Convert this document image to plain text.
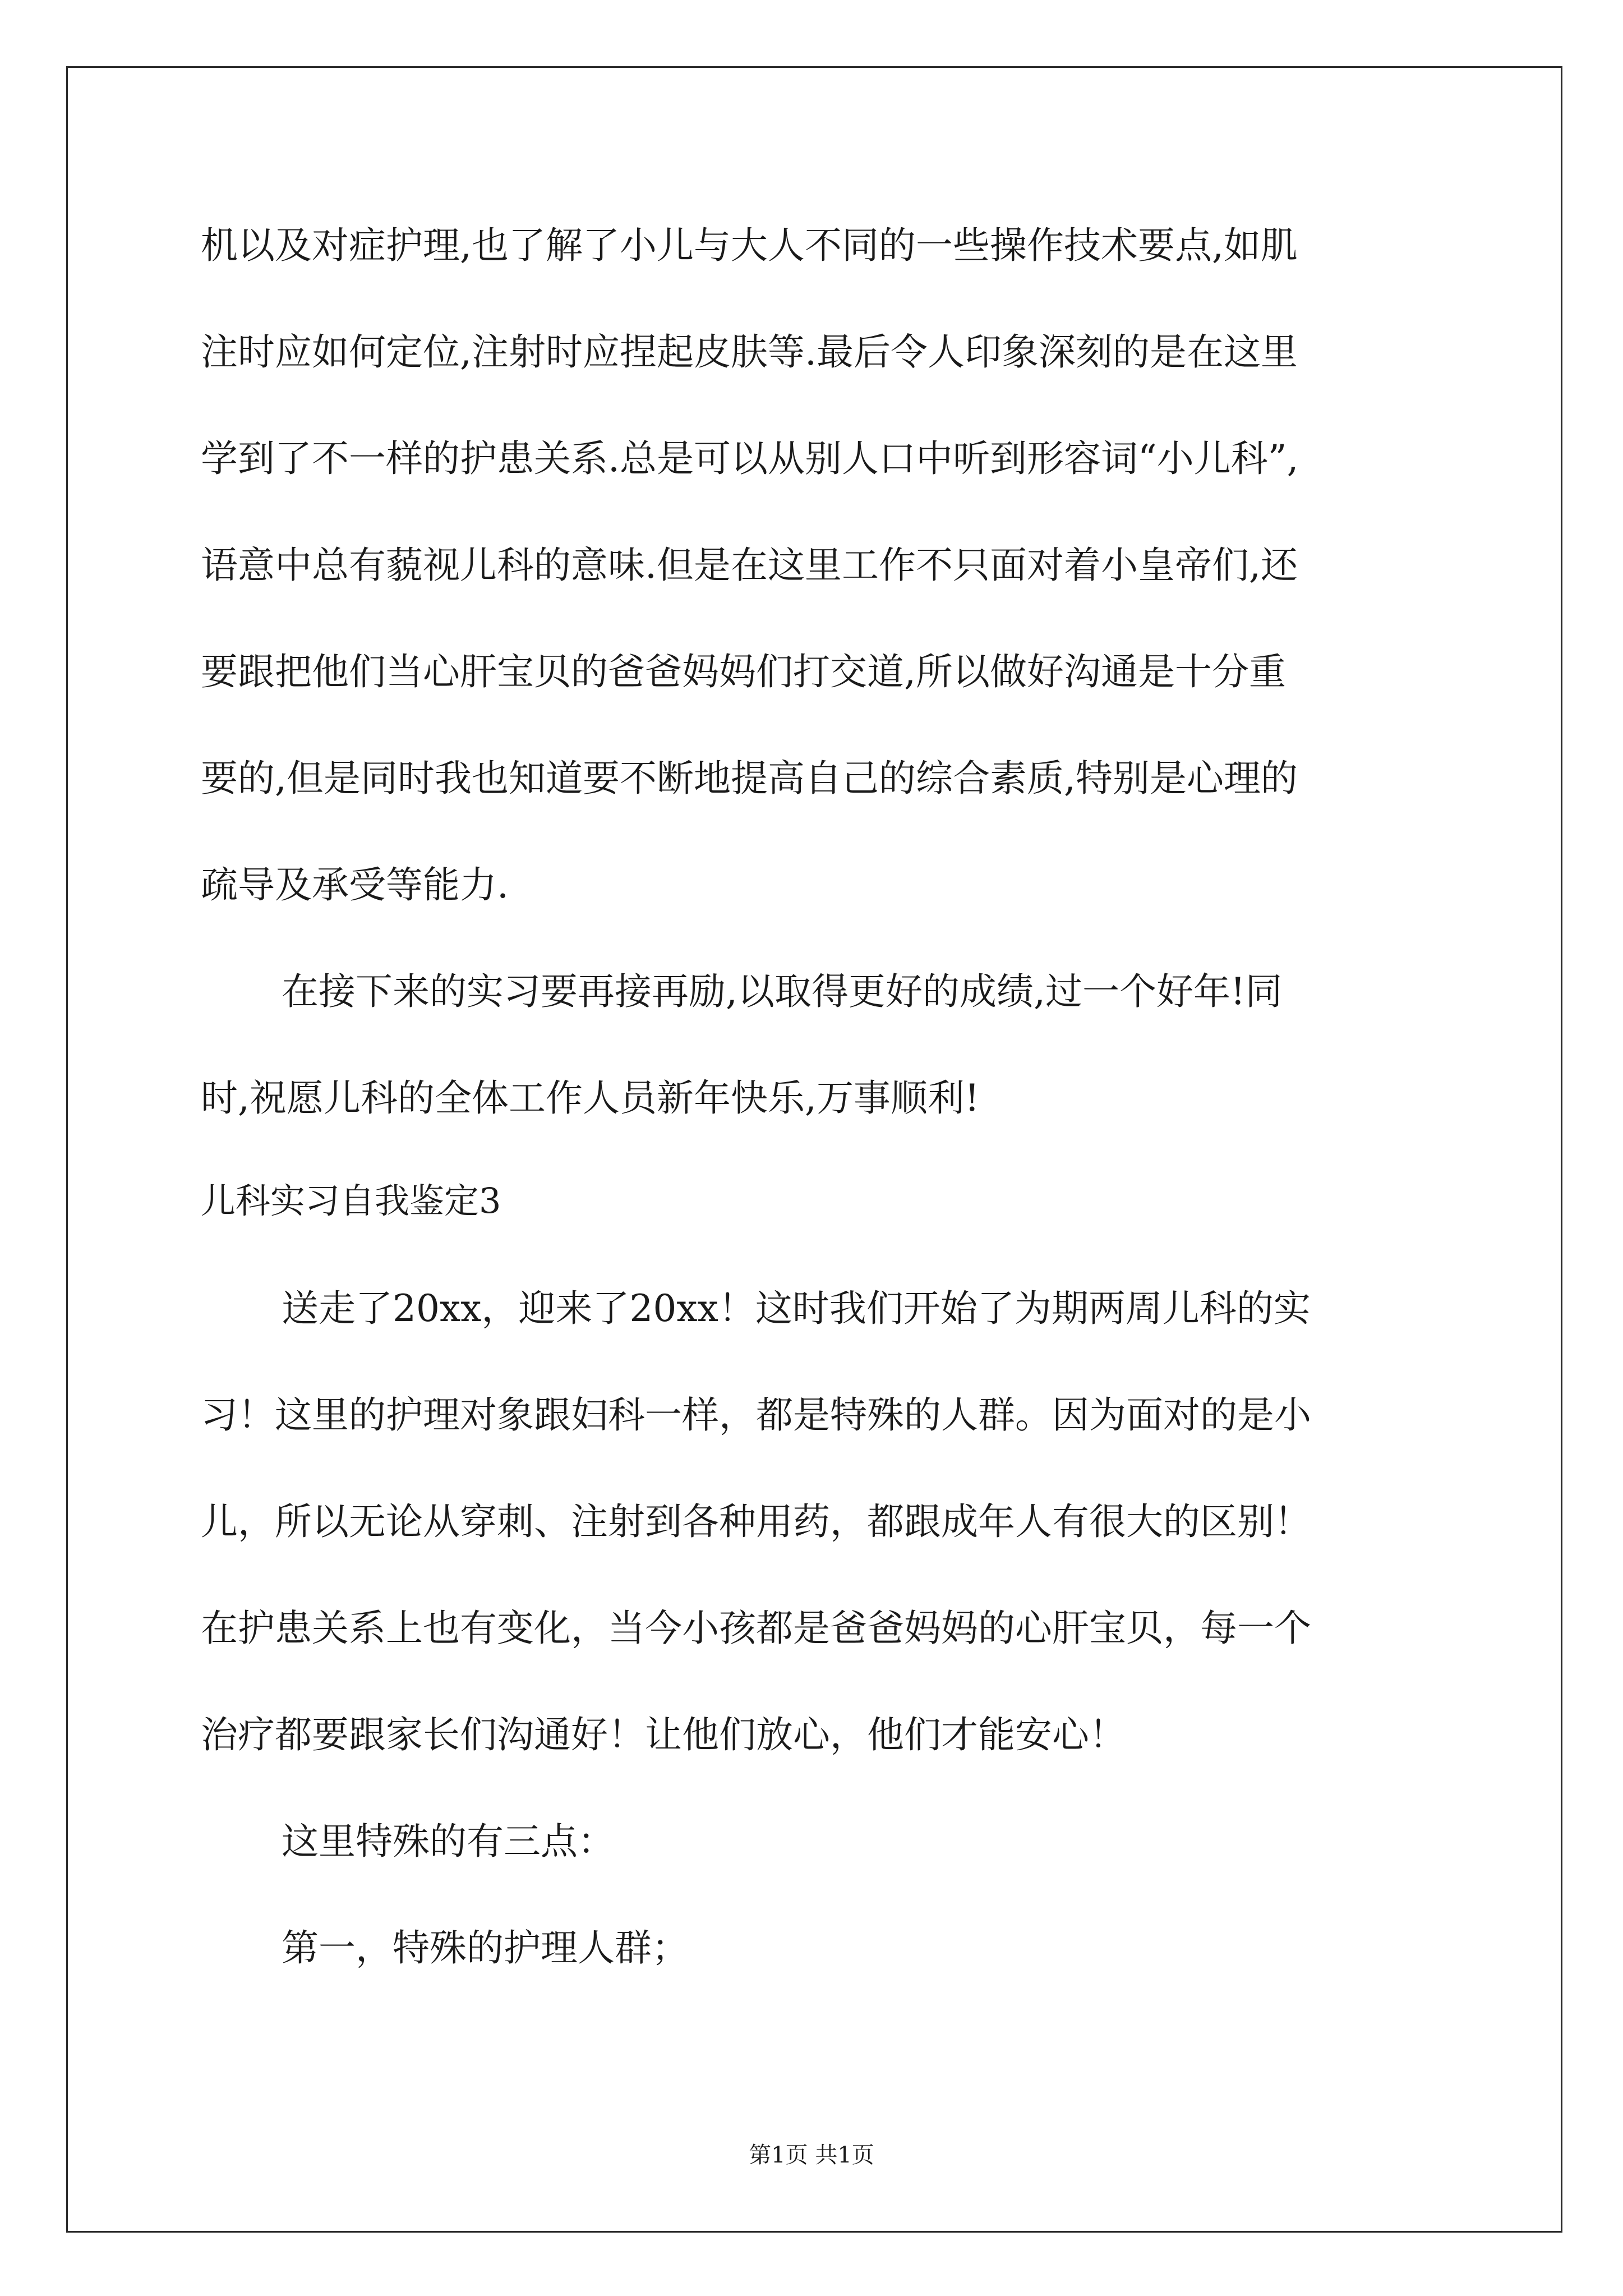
机以及对症护理,也了解了小儿与大人不同的一些操作技术要点,如肌
注时应如何定位,注射时应捏起皮肤等.最后令人印象深刻的是在这里
学到了不一样的护患关系.总是可以从别人口中听到形容词“小儿科”,
语意中总有藐视儿科的意味.但是在这里工作不只面对着小皇帝们,还
要跟把他们当心肝宝贝的爸爸妈妈们打交道,所以做好沟通是十分重
要的,但是同时我也知道要不断地提高自己的综合素质,特别是心理的
疏导及承受等能力.
在接下来的实习要再接再励,以取得更好的成绩,过一个好年!同
时,祝愿儿科的全体工作人员新年快乐,万事顺利!
儿科实习自我鉴定3
送走了20xx，迎来了20xx！这时我们开始了为期两周儿科的实
习！这里的护理对象跟妇科一样，都是特殊的人群。因为面对的是小
儿，所以无论从穿刺、注射到各种用药，都跟成年人有很大的区别！
在护患关系上也有变化，当今小孩都是爸爸妈妈的心肝宝贝，每一个
治疗都要跟家长们沟通好！让他们放心，他们才能安心！
这里特殊的有三点：
第一，特殊的护理人群；
第1页 共1页
